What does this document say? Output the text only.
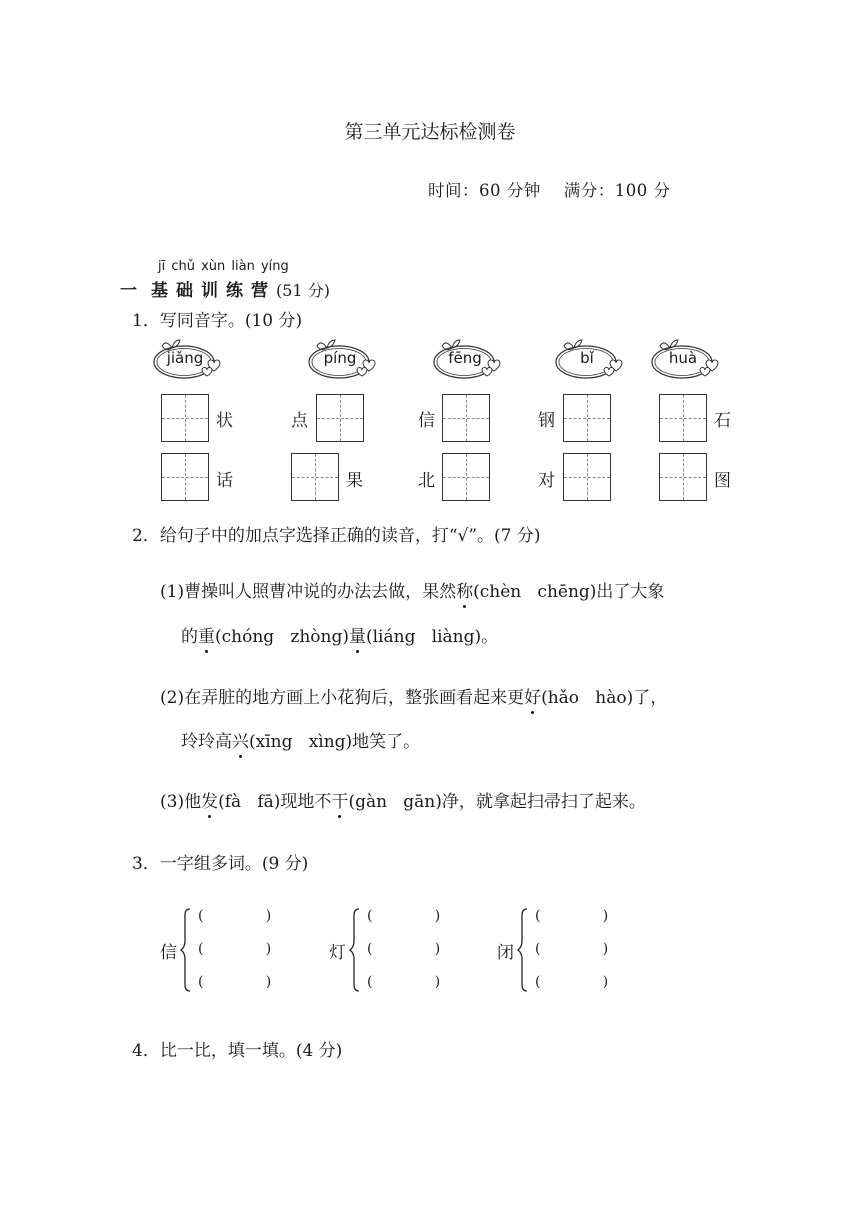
第三单元达标检测卷
时间：60 分钟 满分：100 分
jī chǔ xùn liàn yíng
一 基础训练营(51 分)
1．写同音字。(10 分)
jiǎng
状
话
píng
点
果
fēng
信
北
bǐ
钢
对
huà
石
图
2．给句子中的加点字选择正确的读音，打“√”。(7 分)
(1)曹操叫人照曹冲说的办法去做，果然称(chèn   chēng)出了大象
的重(chóng   zhòng)量(liáng   liàng)。
(2)在弄脏的地方画上小花狗后，整张画看起来更好(hǎo   hào)了，
玲玲高兴(xīng   xìng)地笑了。
(3)他发(fà   fā)现地不干(gàn   gān)净，就拿起扫帚扫了起来。
3．一字组多词。(9 分)
信
(              )
(              )
(              )
灯
(              )
(              )
(              )
闭
(              )
(              )
(              )
4．比一比，填一填。(4 分)
